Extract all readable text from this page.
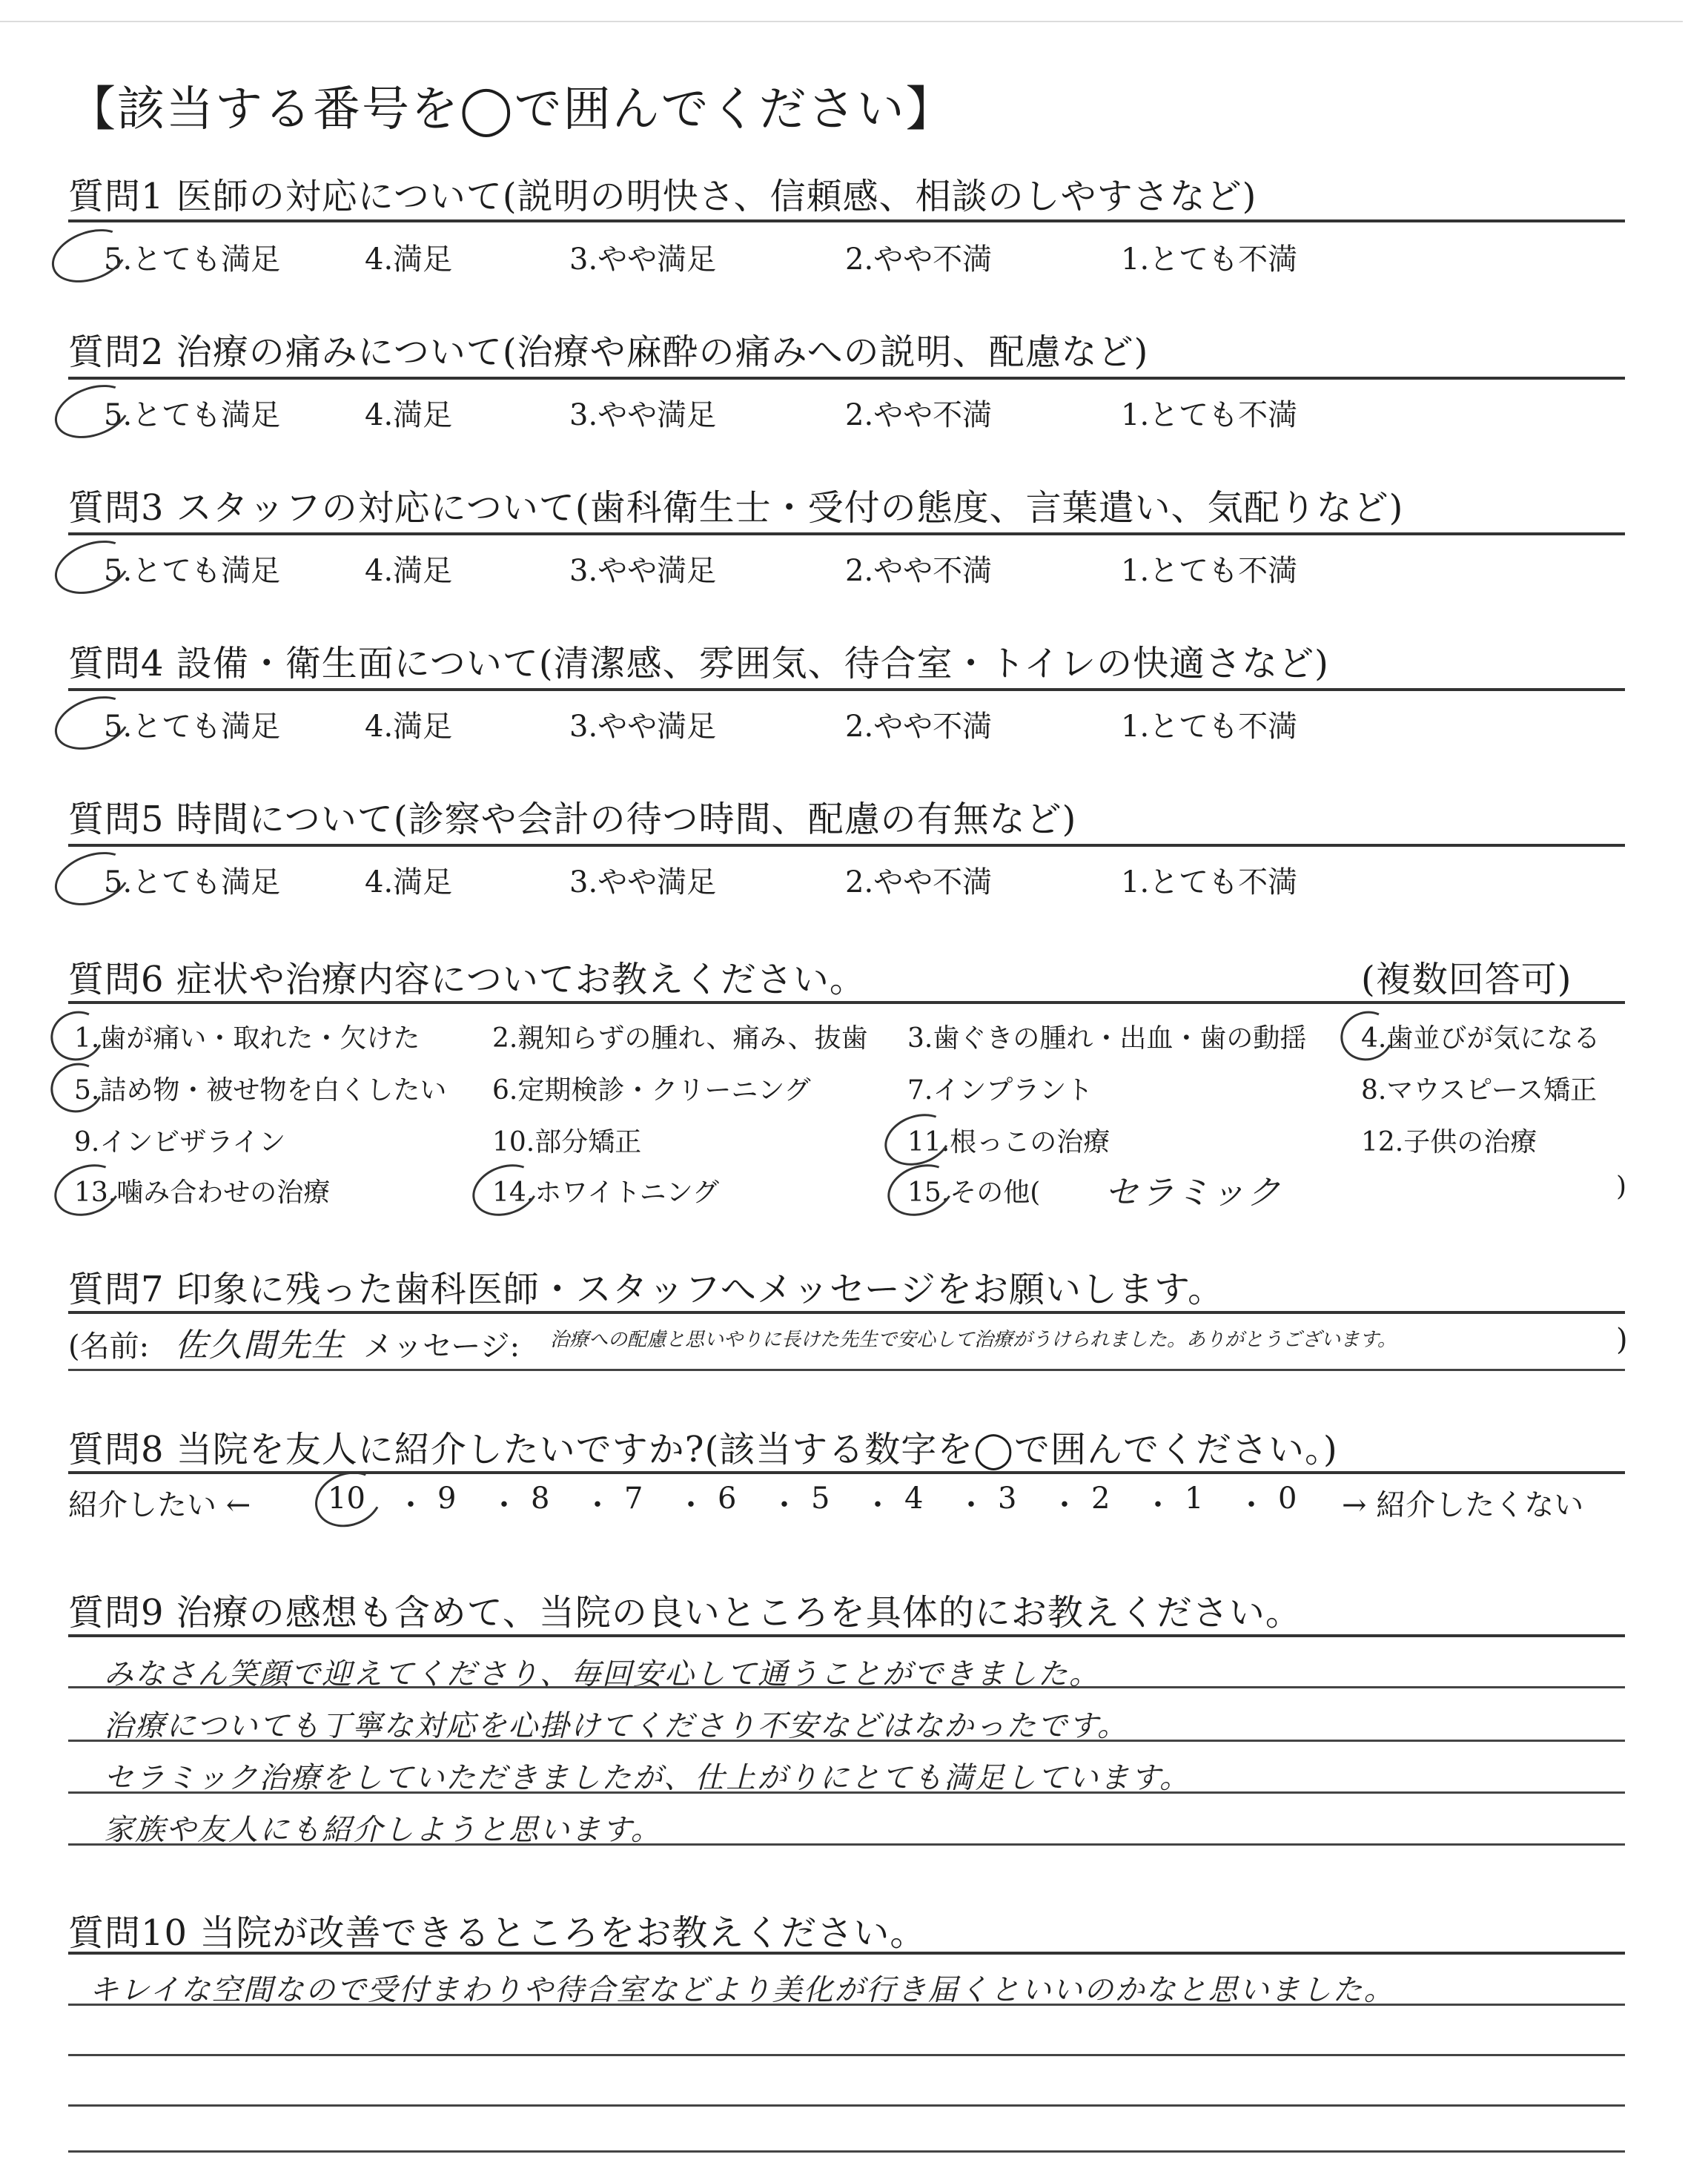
【該当する番号を◯で囲んでください】
質問1 医師の対応について(説明の明快さ、信頼感、相談のしやすさなど)
5.とても満足	4.満足	3.やや満足	2.やや不満	1.とても不満
質問2 治療の痛みについて(治療や麻酔の痛みへの説明、配慮など)
5.とても満足	4.満足	3.やや満足	2.やや不満	1.とても不満
質問3 スタッフの対応について(歯科衛生士・受付の態度、言葉遣い、気配りなど)
5.とても満足	4.満足	3.やや満足	2.やや不満	1.とても不満
質問4 設備・衛生面について(清潔感、雰囲気、待合室・トイレの快適さなど)
5.とても満足	4.満足	3.やや満足	2.やや不満	1.とても不満
質問5 時間について(診察や会計の待つ時間、配慮の有無など)
5.とても満足	4.満足	3.やや満足	2.やや不満	1.とても不満
質問6 症状や治療内容についてお教えください。	(複数回答可)
1.歯が痛い・取れた・欠けた	2.親知らずの腫れ、痛み、抜歯 3.歯ぐきの腫れ・出血・歯の動揺 4.歯並びが気になる
5.詰め物・被せ物を白くしたい 6.定期検診・クリーニング	7.インプラント	8.マウスピース矯正
9.インビザライン	10.部分矯正	11.根っこの治療	12.子供の治療
13.噛み合わせの治療	14.ホワイトニング	15.その他( セラミック	)
質問7 印象に残った歯科医師・スタッフへメッセージをお願いします。
(名前: 佐久間先生 メッセージ: 治療への配慮と思いやりに長けた先生で安心して治療がうけられました。ありがとうございます。	)
質問8 当院を友人に紹介したいですか?(該当する数字を◯で囲んでください。)
紹介したい ←	10 ・ 9 ・ 8 ・ 7 ・ 6 ・ 5 ・ 4 ・ 3 ・ 2 ・ 1 ・ 0 → 紹介したくない
質問9 治療の感想も含めて、当院の良いところを具体的にお教えください。
みなさん笑顔で迎えてくださり、毎回安心して通うことができました。
治療についても丁寧な対応を心掛けてくださり不安などはなかったです。
セラミック治療をしていただきましたが、仕上がりにとても満足しています。
家族や友人にも紹介しようと思います。
質問10 当院が改善できるところをお教えください。
キレイな空間なので受付まわりや待合室などより美化が行き届くといいのかなと思いました。
